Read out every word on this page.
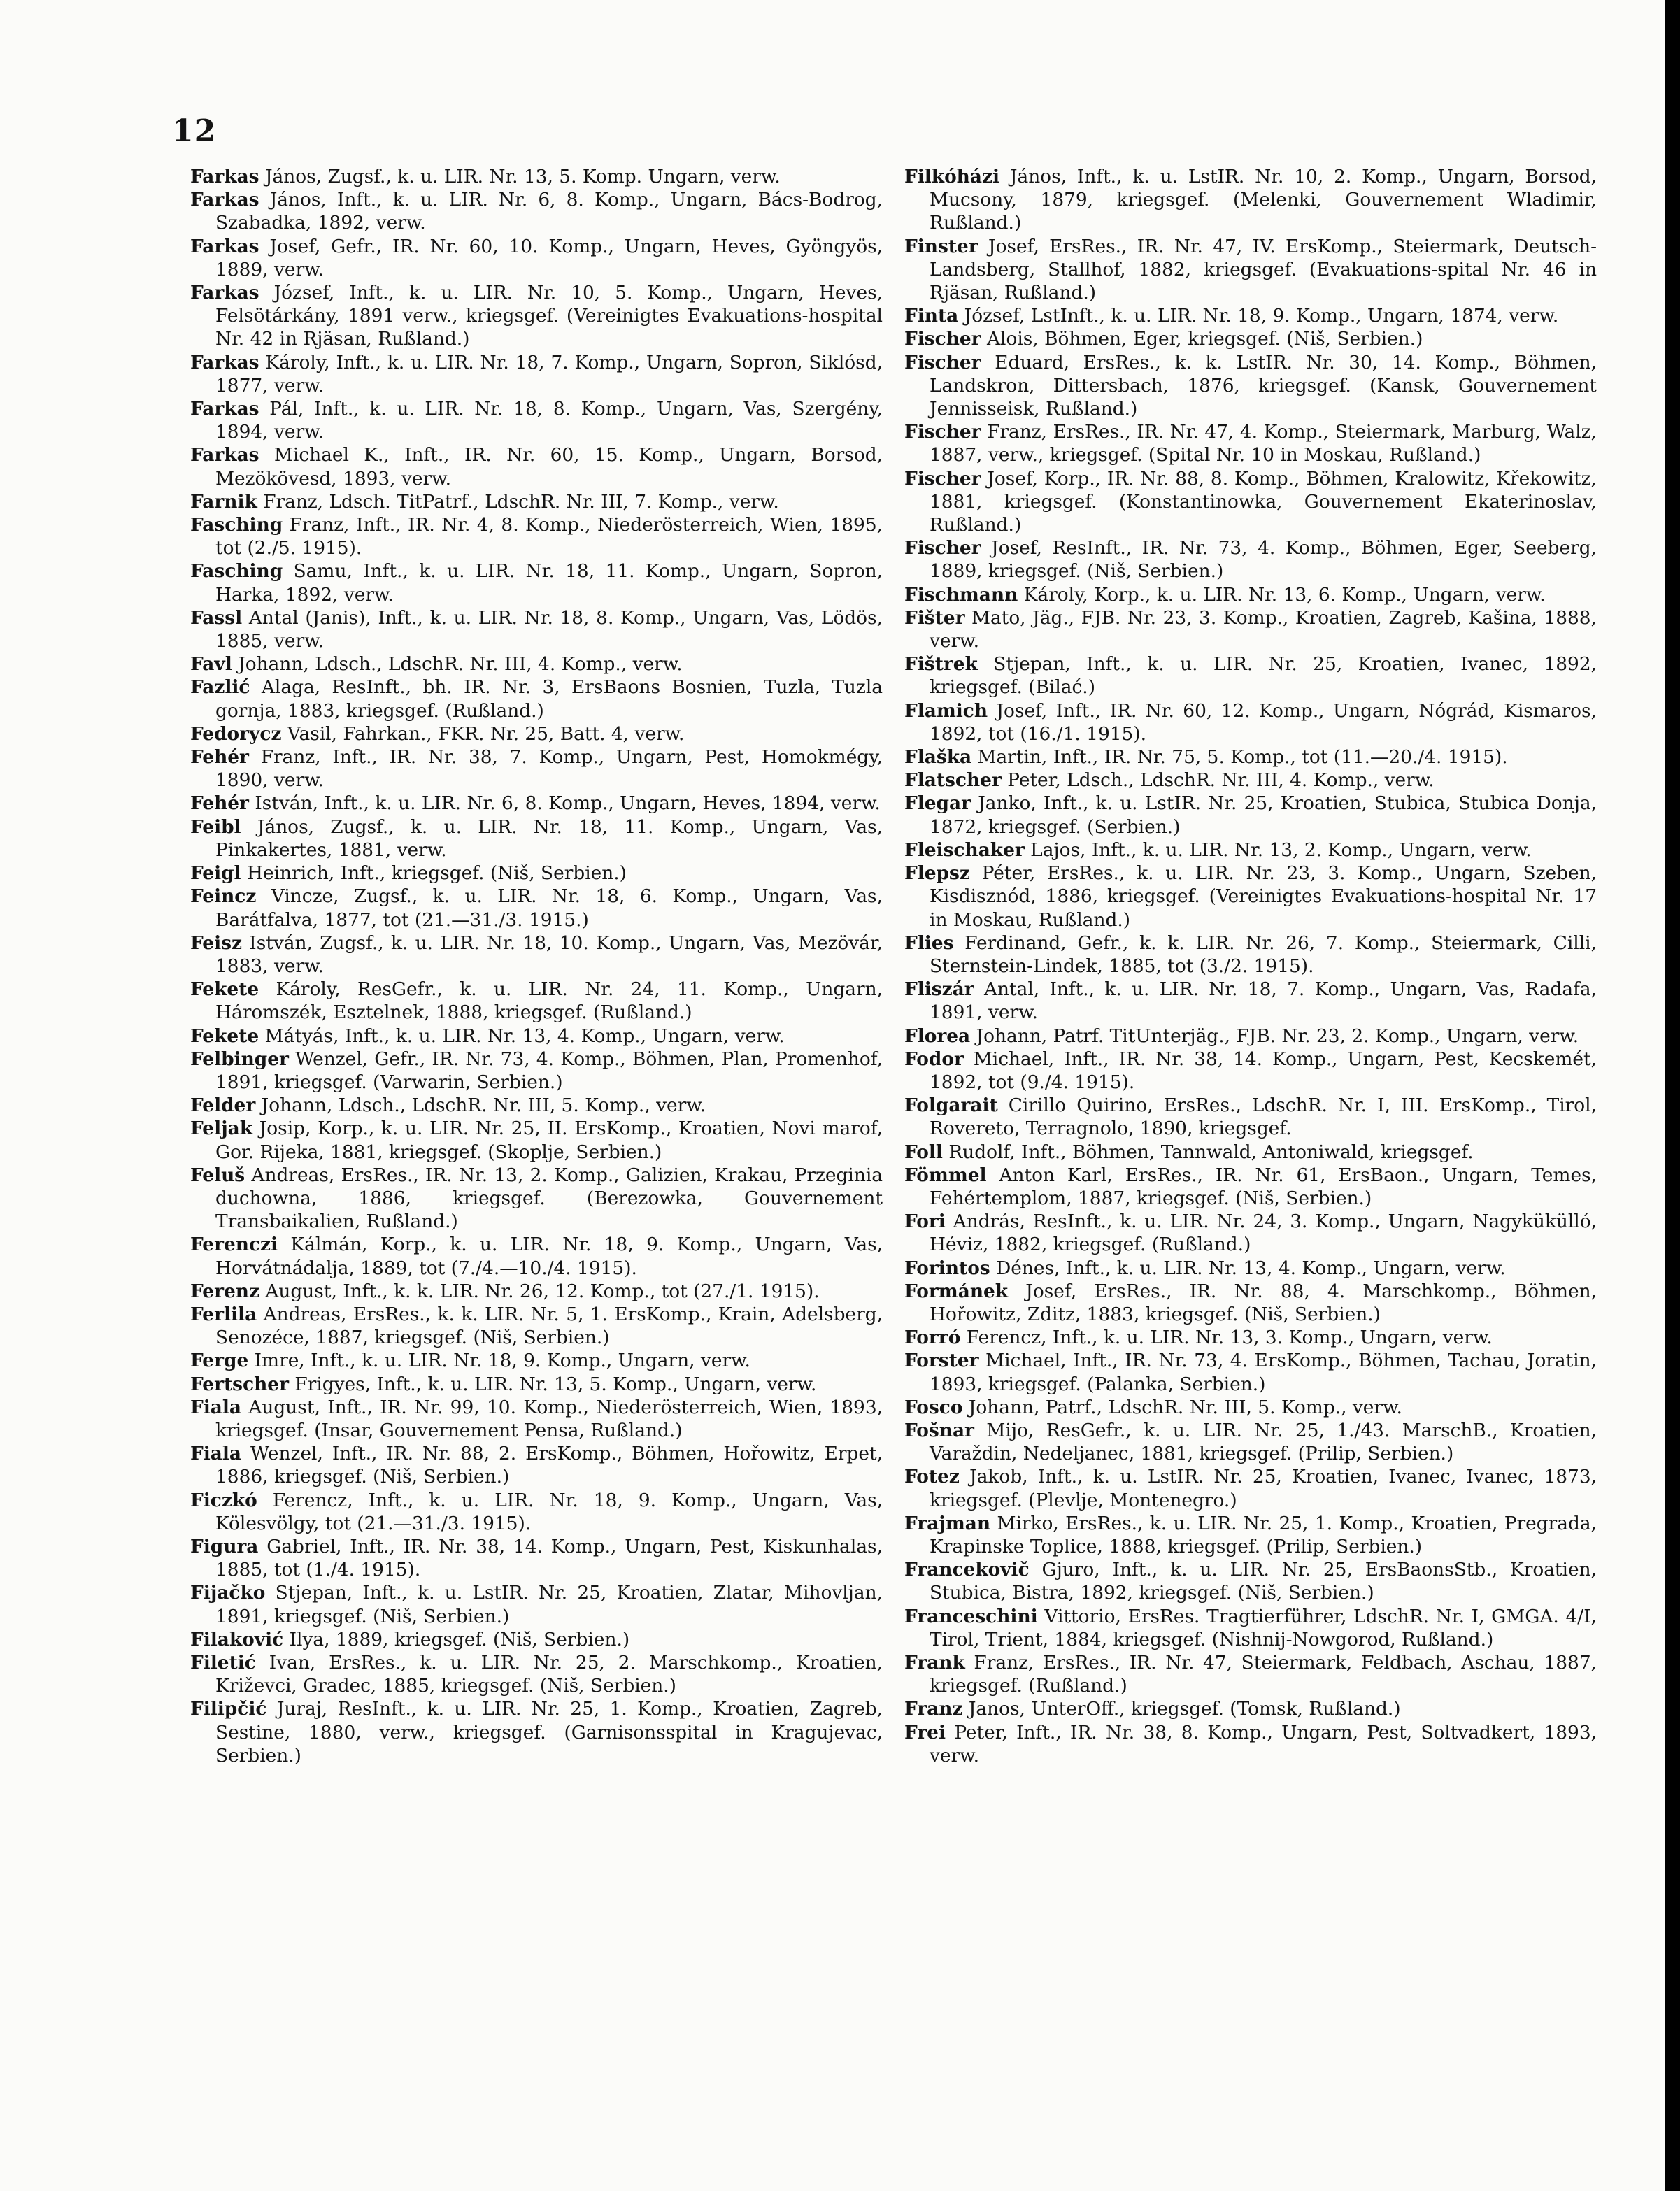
12

Farkas János, Zugsf., k. u. LIR. Nr. 13, 5. Komp. Ungarn, verw.

Farkas János, Inft., k. u. LIR. Nr. 6, 8. Komp., Ungarn, Bács-Bodrog, Szabadka, 1892, verw.

Farkas Josef, Gefr., IR. Nr. 60, 10. Komp., Ungarn, Heves, Gyöngyös, 1889, verw.

Farkas József, Inft., k. u. LIR. Nr. 10, 5. Komp., Ungarn, Heves, Felsötárkány, 1891 verw., kriegsgef. (Vereinigtes Evakuations-hospital Nr. 42 in Rjäsan, Rußland.)

Farkas Károly, Inft., k. u. LIR. Nr. 18, 7. Komp., Ungarn, Sopron, Siklósd, 1877, verw.

Farkas Pál, Inft., k. u. LIR. Nr. 18, 8. Komp., Ungarn, Vas, Szergény, 1894, verw.

Farkas Michael K., Inft., IR. Nr. 60, 15. Komp., Ungarn, Borsod, Mezökövesd, 1893, verw.

Farnik Franz, Ldsch. TitPatrf., LdschR. Nr. III, 7. Komp., verw.

Fasching Franz, Inft., IR. Nr. 4, 8. Komp., Niederösterreich, Wien, 1895, tot (2./5. 1915).

Fasching Samu, Inft., k. u. LIR. Nr. 18, 11. Komp., Ungarn, Sopron, Harka, 1892, verw.

Fassl Antal (Janis), Inft., k. u. LIR. Nr. 18, 8. Komp., Ungarn, Vas, Lödös, 1885, verw.

Favl Johann, Ldsch., LdschR. Nr. III, 4. Komp., verw.

Fazlić Alaga, ResInft., bh. IR. Nr. 3, ErsBaons Bosnien, Tuzla, Tuzla gornja, 1883, kriegsgef. (Rußland.)

Fedorycz Vasil, Fahrkan., FKR. Nr. 25, Batt. 4, verw.

Fehér Franz, Inft., IR. Nr. 38, 7. Komp., Ungarn, Pest, Homokmégy, 1890, verw.

Fehér István, Inft., k. u. LIR. Nr. 6, 8. Komp., Ungarn, Heves, 1894, verw.

Feibl János, Zugsf., k. u. LIR. Nr. 18, 11. Komp., Ungarn, Vas, Pinkakertes, 1881, verw.

Feigl Heinrich, Inft., kriegsgef. (Niš, Serbien.)

Feincz Vincze, Zugsf., k. u. LIR. Nr. 18, 6. Komp., Ungarn, Vas, Barátfalva, 1877, tot (21.—31./3. 1915.)

Feisz István, Zugsf., k. u. LIR. Nr. 18, 10. Komp., Ungarn, Vas, Mezövár, 1883, verw.

Fekete Károly, ResGefr., k. u. LIR. Nr. 24, 11. Komp., Ungarn, Háromszék, Esztelnek, 1888, kriegsgef. (Rußland.)

Fekete Mátyás, Inft., k. u. LIR. Nr. 13, 4. Komp., Ungarn, verw.

Felbinger Wenzel, Gefr., IR. Nr. 73, 4. Komp., Böhmen, Plan, Promenhof, 1891, kriegsgef. (Varwarin, Serbien.)

Felder Johann, Ldsch., LdschR. Nr. III, 5. Komp., verw.

Feljak Josip, Korp., k. u. LIR. Nr. 25, II. ErsKomp., Kroatien, Novi marof, Gor. Rijeka, 1881, kriegsgef. (Skoplje, Serbien.)

Feluš Andreas, ErsRes., IR. Nr. 13, 2. Komp., Galizien, Krakau, Przeginia duchowna, 1886, kriegsgef. (Berezowka, Gouvernement Transbaikalien, Rußland.)

Ferenczi Kálmán, Korp., k. u. LIR. Nr. 18, 9. Komp., Ungarn, Vas, Horvátnádalja, 1889, tot (7./4.—10./4. 1915).

Ferenz August, Inft., k. k. LIR. Nr. 26, 12. Komp., tot (27./1. 1915).

Ferlila Andreas, ErsRes., k. k. LIR. Nr. 5, 1. ErsKomp., Krain, Adelsberg, Senozéce, 1887, kriegsgef. (Niš, Serbien.)

Ferge Imre, Inft., k. u. LIR. Nr. 18, 9. Komp., Ungarn, verw.

Fertscher Frigyes, Inft., k. u. LIR. Nr. 13, 5. Komp., Ungarn, verw.

Fiala August, Inft., IR. Nr. 99, 10. Komp., Niederösterreich, Wien, 1893, kriegsgef. (Insar, Gouvernement Pensa, Rußland.)

Fiala Wenzel, Inft., IR. Nr. 88, 2. ErsKomp., Böhmen, Hořowitz, Erpet, 1886, kriegsgef. (Niš, Serbien.)

Ficzkó Ferencz, Inft., k. u. LIR. Nr. 18, 9. Komp., Ungarn, Vas, Kölesvölgy, tot (21.—31./3. 1915).

Figura Gabriel, Inft., IR. Nr. 38, 14. Komp., Ungarn, Pest, Kiskunhalas, 1885, tot (1./4. 1915).

Fijačko Stjepan, Inft., k. u. LstIR. Nr. 25, Kroatien, Zlatar, Mihovljan, 1891, kriegsgef. (Niš, Serbien.)

Filaković Ilya, 1889, kriegsgef. (Niš, Serbien.)

Filetić Ivan, ErsRes., k. u. LIR. Nr. 25, 2. Marschkomp., Kroatien, Križevci, Gradec, 1885, kriegsgef. (Niš, Serbien.)

Filipčić Juraj, ResInft., k. u. LIR. Nr. 25, 1. Komp., Kroatien, Zagreb, Sestine, 1880, verw., kriegsgef. (Garnisonsspital in Kragujevac, Serbien.)

Filkóházi János, Inft., k. u. LstIR. Nr. 10, 2. Komp., Ungarn, Borsod, Mucsony, 1879, kriegsgef. (Melenki, Gouvernement Wladimir, Rußland.)

Finster Josef, ErsRes., IR. Nr. 47, IV. ErsKomp., Steiermark, Deutsch-Landsberg, Stallhof, 1882, kriegsgef. (Evakuations-spital Nr. 46 in Rjäsan, Rußland.)

Finta József, LstInft., k. u. LIR. Nr. 18, 9. Komp., Ungarn, 1874, verw.

Fischer Alois, Böhmen, Eger, kriegsgef. (Niš, Serbien.)

Fischer Eduard, ErsRes., k. k. LstIR. Nr. 30, 14. Komp., Böhmen, Landskron, Dittersbach, 1876, kriegsgef. (Kansk, Gouvernement Jennisseisk, Rußland.)

Fischer Franz, ErsRes., IR. Nr. 47, 4. Komp., Steiermark, Marburg, Walz, 1887, verw., kriegsgef. (Spital Nr. 10 in Moskau, Rußland.)

Fischer Josef, Korp., IR. Nr. 88, 8. Komp., Böhmen, Kralowitz, Křekowitz, 1881, kriegsgef. (Konstantinowka, Gouvernement Ekaterinoslav, Rußland.)

Fischer Josef, ResInft., IR. Nr. 73, 4. Komp., Böhmen, Eger, Seeberg, 1889, kriegsgef. (Niš, Serbien.)

Fischmann Károly, Korp., k. u. LIR. Nr. 13, 6. Komp., Ungarn, verw.

Fišter Mato, Jäg., FJB. Nr. 23, 3. Komp., Kroatien, Zagreb, Kašina, 1888, verw.

Fištrek Stjepan, Inft., k. u. LIR. Nr. 25, Kroatien, Ivanec, 1892, kriegsgef. (Bilać.)

Flamich Josef, Inft., IR. Nr. 60, 12. Komp., Ungarn, Nógrád, Kismaros, 1892, tot (16./1. 1915).

Flaška Martin, Inft., IR. Nr. 75, 5. Komp., tot (11.—20./4. 1915).

Flatscher Peter, Ldsch., LdschR. Nr. III, 4. Komp., verw.

Flegar Janko, Inft., k. u. LstIR. Nr. 25, Kroatien, Stubica, Stubica Donja, 1872, kriegsgef. (Serbien.)

Fleischaker Lajos, Inft., k. u. LIR. Nr. 13, 2. Komp., Ungarn, verw.

Flepsz Péter, ErsRes., k. u. LIR. Nr. 23, 3. Komp., Ungarn, Szeben, Kisdisznód, 1886, kriegsgef. (Vereinigtes Evakuations-hospital Nr. 17 in Moskau, Rußland.)

Flies Ferdinand, Gefr., k. k. LIR. Nr. 26, 7. Komp., Steiermark, Cilli, Sternstein-Lindek, 1885, tot (3./2. 1915).

Fliszár Antal, Inft., k. u. LIR. Nr. 18, 7. Komp., Ungarn, Vas, Radafa, 1891, verw.

Florea Johann, Patrf. TitUnterjäg., FJB. Nr. 23, 2. Komp., Ungarn, verw.

Fodor Michael, Inft., IR. Nr. 38, 14. Komp., Ungarn, Pest, Kecskemét, 1892, tot (9./4. 1915).

Folgarait Cirillo Quirino, ErsRes., LdschR. Nr. I, III. ErsKomp., Tirol, Rovereto, Terragnolo, 1890, kriegsgef.

Foll Rudolf, Inft., Böhmen, Tannwald, Antoniwald, kriegsgef.

Fömmel Anton Karl, ErsRes., IR. Nr. 61, ErsBaon., Ungarn, Temes, Fehértemplom, 1887, kriegsgef. (Niš, Serbien.)

Fori András, ResInft., k. u. LIR. Nr. 24, 3. Komp., Ungarn, Nagykükülló, Héviz, 1882, kriegsgef. (Rußland.)

Forintos Dénes, Inft., k. u. LIR. Nr. 13, 4. Komp., Ungarn, verw.

Formánek Josef, ErsRes., IR. Nr. 88, 4. Marschkomp., Böhmen, Hořowitz, Zditz, 1883, kriegsgef. (Niš, Serbien.)

Forró Ferencz, Inft., k. u. LIR. Nr. 13, 3. Komp., Ungarn, verw.

Forster Michael, Inft., IR. Nr. 73, 4. ErsKomp., Böhmen, Tachau, Joratin, 1893, kriegsgef. (Palanka, Serbien.)

Fosco Johann, Patrf., LdschR. Nr. III, 5. Komp., verw.

Fošnar Mijo, ResGefr., k. u. LIR. Nr. 25, 1./43. MarschB., Kroatien, Varaždin, Nedeljanec, 1881, kriegsgef. (Prilip, Serbien.)

Fotez Jakob, Inft., k. u. LstIR. Nr. 25, Kroatien, Ivanec, Ivanec, 1873, kriegsgef. (Plevlje, Montenegro.)

Frajman Mirko, ErsRes., k. u. LIR. Nr. 25, 1. Komp., Kroatien, Pregrada, Krapinske Toplice, 1888, kriegsgef. (Prilip, Serbien.)

Francekovič Gjuro, Inft., k. u. LIR. Nr. 25, ErsBaonsStb., Kroatien, Stubica, Bistra, 1892, kriegsgef. (Niš, Serbien.)

Franceschini Vittorio, ErsRes. Tragtierführer, LdschR. Nr. I, GMGA. 4/I, Tirol, Trient, 1884, kriegsgef. (Nishnij-Nowgorod, Rußland.)

Frank Franz, ErsRes., IR. Nr. 47, Steiermark, Feldbach, Aschau, 1887, kriegsgef. (Rußland.)

Franz Janos, UnterOff., kriegsgef. (Tomsk, Rußland.)

Frei Peter, Inft., IR. Nr. 38, 8. Komp., Ungarn, Pest, Soltvadkert, 1893, verw.
